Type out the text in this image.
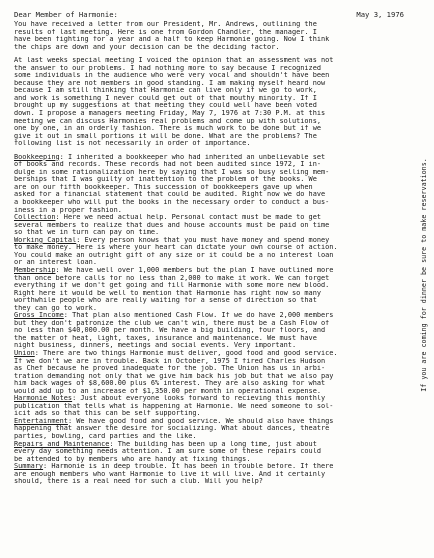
Dear Member of Harmonie:	May 3, 1976
You have received a letter from our President, Mr. Andrews, outlining the
results of last meeting. Here is one from Gordon Chandler, the manager. I
have been fighting for a year and a half to keep Harmonie going. Now I think
the chips are down and your decision can be the deciding factor.
At last weeks special meeting I voiced the opinion that an assessment was not
the answer to our problems. I had nothing more to say because I recognized
some individuals in the audience who were very vocal and shouldn't have been
because they are not members in good standing. I am making myself heard now
because I am still thinking that Harmonie can live only if we go to work,
and work is something I never could get out of that mouthy minority. If I
brought up my suggestions at that meeting they could well have been voted
down. I propose a managers meeting Friday, May 7, 1976 at 7:30 P.M. at this
meeting we can discuss Harmonies real problems and come up with solutions,
one by one, in an orderly fashion. There is much work to be done but if we
give it out in small portions it will be done. What are the problems? The
following list is not necessarily in order of importance.
Bookkeeping: I inherited a bookkeeper who had inherited an unbelievable set
of books and records. These records had not been audited since 1972, I in-
dulge in some rationalization here by saying that I was so busy selling mem-
berships that I was guilty of inattention to the problem of the books. We
are on our fifth bookkeeper. This succession of bookkeepers gave up when
asked for a financial statement that could be audited. Right now we do have
a bookkeeper who will put the books in the necessary order to conduct a bus-
iness in a proper fashion.
Collection: Here we need actual help. Personal contact must be made to get
several members to realize that dues and house accounts must be paid on time
so that we in turn can pay on time.
Working Capital: Every person knows that you must have money and spend money
to make money. Here is where your heart can dictate your own course of action.
You could make an outright gift of any size or it could be a no interest loan
or an interest loan.
Membership: We have well over 1,000 members but the plan I have outlined more
than once before calls for no less than 2,000 to make it work. We can forget
everything if we don't get going and fill Harmonie with some more new blood.
Right here it would be well to mention that Harmonie has right now so many
worthwhile people who are really waiting for a sense of direction so that
they can go to work.
Gross Income: That plan also mentioned Cash Flow. If we do have 2,000 members
but they don't patronize the club we can't win, there must be a Cash Flow of
no less than $40,000.00 per month. We have a big building, four floors, and
the matter of heat, light, taxes, insurance and maintenance. We must have
night business, dinners, meetings and social events. Very important.
Union: There are two things Harmonie must deliver, good food and good service.
If we don't we are in trouble. Back in October, 1975 I fired Charles Hudson
as Chef because he proved inadequate for the job. The Union has us in arbi-
tration demanding not only that we give him back his job but that we also pay
him back wages of $8,600.00 plus 6% interest. They are also asking for what
would add up to an increase of $1,350.00 per month in operational expense.
Harmonie Notes: Just about everyone looks forward to recieving this monthly
publication that tells what is happening at Harmonie. We need someone to sol-
icit ads so that this can be self supporting.
Entertainment: We have good food and good service. We should also have things
happening that answer the desire for socializing. What about dances, theatre
parties, bowling, card parties and the like.
Repairs and Maintenance: The building has been up a long time, just about
every day something needs attention. I am sure some of these repairs could
be attended to by members who are handy at fixing things.
Summary: Harmonie is in deep trouble. It has been in trouble before. If there
are enough members who want Harmonie to live it will live. And it certainly
should, there is a real need for such a club. Will you help?
If you are coming for dinner be sure to make reservations.
